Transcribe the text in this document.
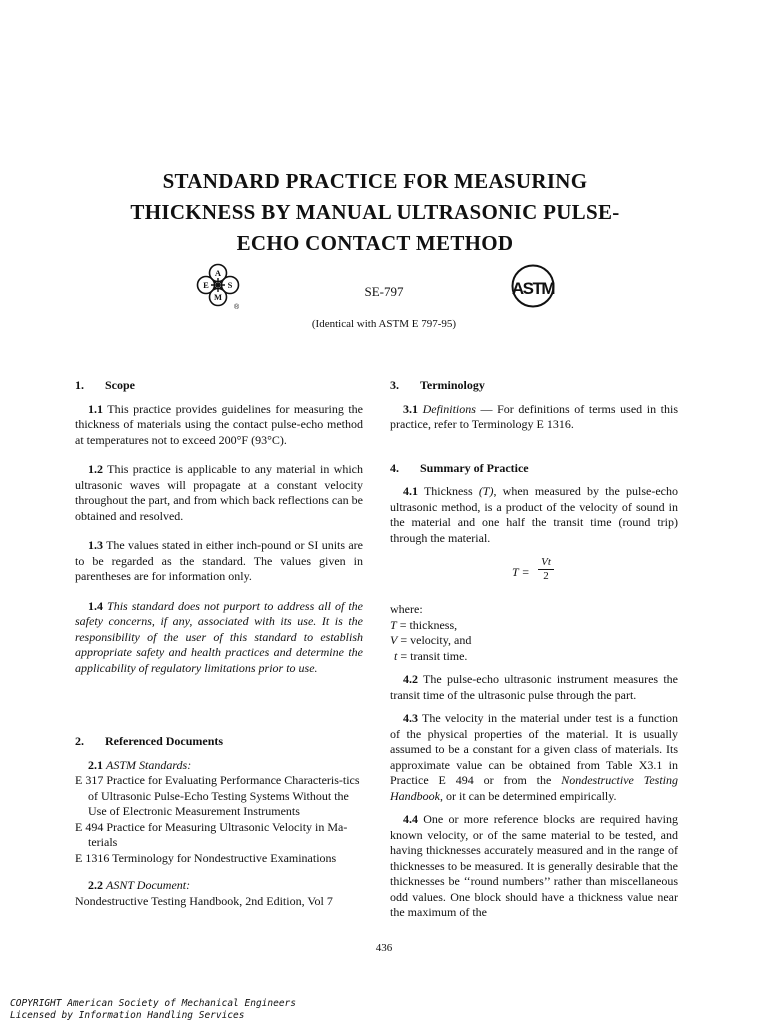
STANDARD PRACTICE FOR MEASURING
THICKNESS BY MANUAL ULTRASONIC PULSE-
ECHO CONTACT METHOD
A
S
M
E
®
SE-797	ASTM
(Identical with ASTM E 797-95)
1. Scope

1.1 This practice provides guidelines for measuring the thickness of materials using the contact pulse-echo method at temperatures not to exceed 200°F (93°C).

1.2 This practice is applicable to any material in which ultrasonic waves will propagate at a constant velocity throughout the part, and from which back reflections can be obtained and resolved.

1.3 The values stated in either inch-pound or SI units are to be regarded as the standard. The values given in parentheses are for information only.

1.4 This standard does not purport to address all of the safety concerns, if any, associated with its use. It is the responsibility of the user of this standard to establish appropriate safety and health practices and determine the applicability of regulatory limitations prior to use.

2. Referenced Documents

2.1 ASTM Standards:

E 317 Practice for Evaluating Performance Characteris-tics of Ultrasonic Pulse-Echo Testing Systems Without the Use of Electronic Measurement Instruments

E 494 Practice for Measuring Ultrasonic Velocity in Ma-terials

E 1316 Terminology for Nondestructive Examinations

2.2 ASNT Document:

Nondestructive Testing Handbook, 2nd Edition, Vol 7

3. Terminology

3.1 Definitions — For definitions of terms used in this practice, refer to Terminology E 1316.

4. Summary of Practice

4.1 Thickness (T), when measured by the pulse-echo ultrasonic method, is a product of the velocity of sound in the material and one half the transit time (round trip) through the material.

$T = \frac{Vt}{2}$
where:
T = thickness,
V = velocity, and
t = transit time.

4.2 The pulse-echo ultrasonic instrument measures the transit time of the ultrasonic pulse through the part.

4.3 The velocity in the material under test is a function of the physical properties of the material. It is usually assumed to be a constant for a given class of materials. Its approximate value can be obtained from Table X3.1 in Practice E 494 or from the Nondestructive Testing Handbook, or it can be determined empirically.

4.4 One or more reference blocks are required having known velocity, or of the same material to be tested, and having thicknesses accurately measured and in the range of thicknesses to be measured. It is generally desirable that the thicknesses be ‘‘round numbers’’ rather than miscellaneous odd values. One block should have a thickness value near the maximum of the

436
COPYRIGHT American Society of Mechanical Engineers
Licensed by Information Handling Services
